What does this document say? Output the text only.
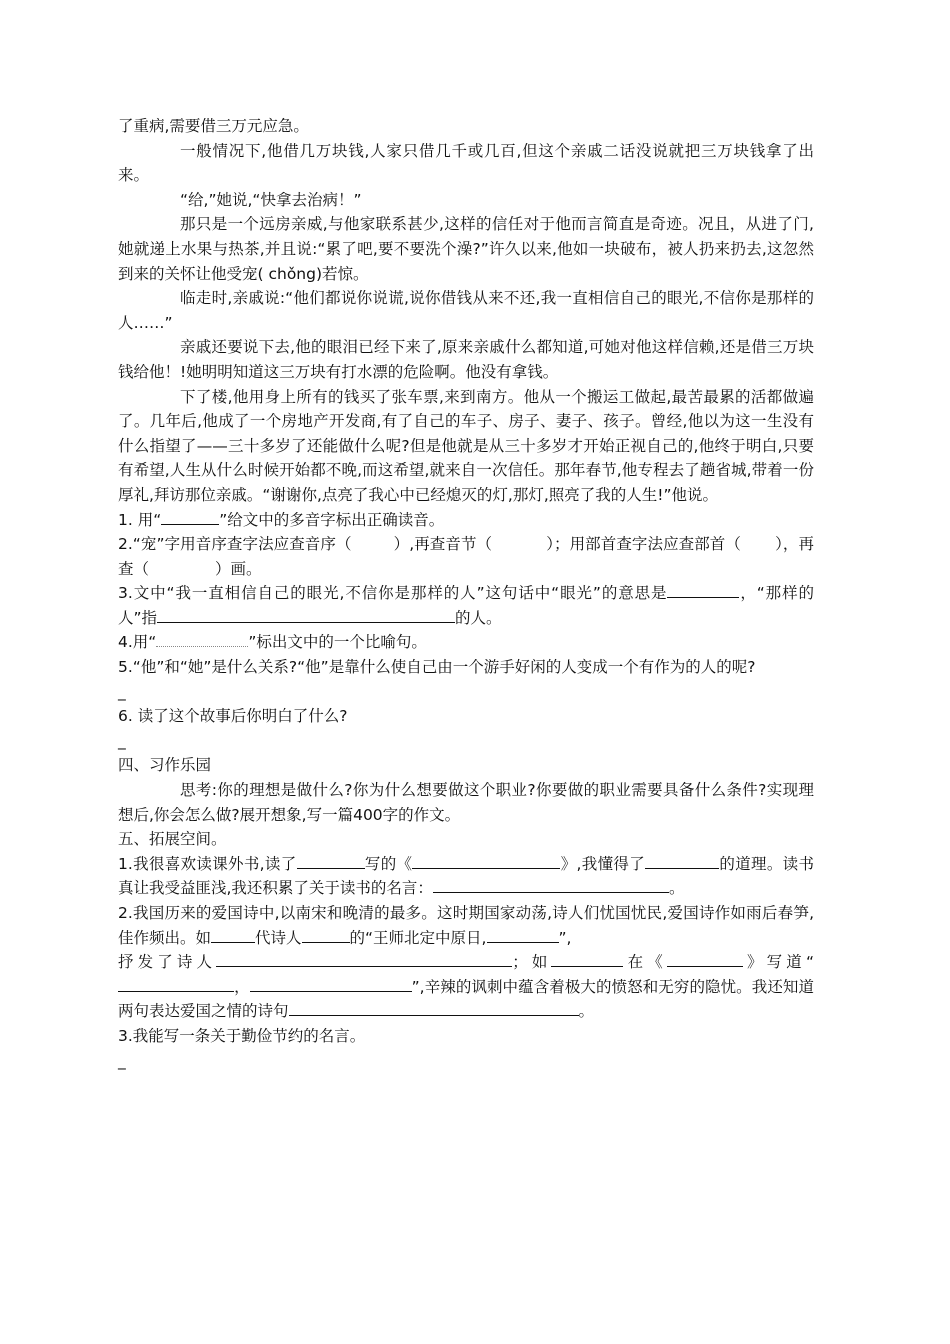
了重病,需要借三万元应急。

一般情况下,他借几万块钱,人家只借几千或几百,但这个亲戚二话没说就把三万块钱拿了出来。

“给,”她说,“快拿去治病！”

那只是一个远房亲威,与他家联系甚少,这样的信任对于他而言简直是奇迹。况且，从进了门,她就递上水果与热茶,并且说:“累了吧,要不要洗个澡?”许久以来,他如一块破布，被人扔来扔去,这忽然到来的关怀让他受宠( chǒng)若惊。

临走时,亲戚说:“他们都说你说谎,说你借钱从来不还,我一直相信自己的眼光,不信你是那样的人……”

亲戚还要说下去,他的眼泪已经下来了,原来亲戚什么都知道,可她对他这样信赖,还是借三万块钱给他！!她明明知道这三万块有打水漂的危险啊。他没有拿钱。

下了楼,他用身上所有的钱买了张车票,来到南方。他从一个搬运工做起,最苦最累的活都做遍了。几年后,他成了一个房地产开发商,有了自己的车子、房子、妻子、孩子。曾经,他以为这一生没有什么指望了——三十多岁了还能做什么呢?但是他就是从三十多岁才开始正视自己的,他终于明白,只要有希望,人生从什么时候开始都不晚,而这希望,就来自一次信任。那年春节,他专程去了趟省城,带着一份厚礼,拜访那位亲戚。“谢谢你,点亮了我心中已经熄灭的灯,那灯,照亮了我的人生!”他说。

1. 用“	”给文中的多音字标出正确读音。

2.“宠”字用音序查字法应查音序（	）,再查音节（	）；用部首查字法应查部首（ ），再查（	）画。

3.文中“我一直相信自己的眼光,不信你是那样的人”这句话中“眼光”的意思是	，“那样的人”指	的人。

4.用“	”标出文中的一个比喻句。

5.“他”和“她”是什么关系?“他”是靠什么使自己由一个游手好闲的人变成一个有作为的人的呢?

_

6. 读了这个故事后你明白了什么?

_

四、习作乐园

思考:你的理想是做什么?你为什么想要做这个职业?你要做的职业需要具备什么条件?实现理想后,你会怎么做?展开想象,写一篇400字的作文。

五、拓展空间。

1.我很喜欢读课外书,读了	写的《	》,我懂得了	的道理。读书真让我受益匪浅,我还积累了关于读书的名言：	。

2.我国历来的爱国诗中,以南宋和晚清的最多。这时期国家动荡,诗人们忧国忧民,爱国诗作如雨后春笋,佳作频出。如	代诗人	的“王师北定中原日,	”,
抒发了诗人	；如	在《	》写道“，	”,辛辣的讽刺中蕴含着极大的愤怒和无穷的隐忧。我还知道两句表达爱国之情的诗句	。

3.我能写一条关于勤俭节约的名言。

_
